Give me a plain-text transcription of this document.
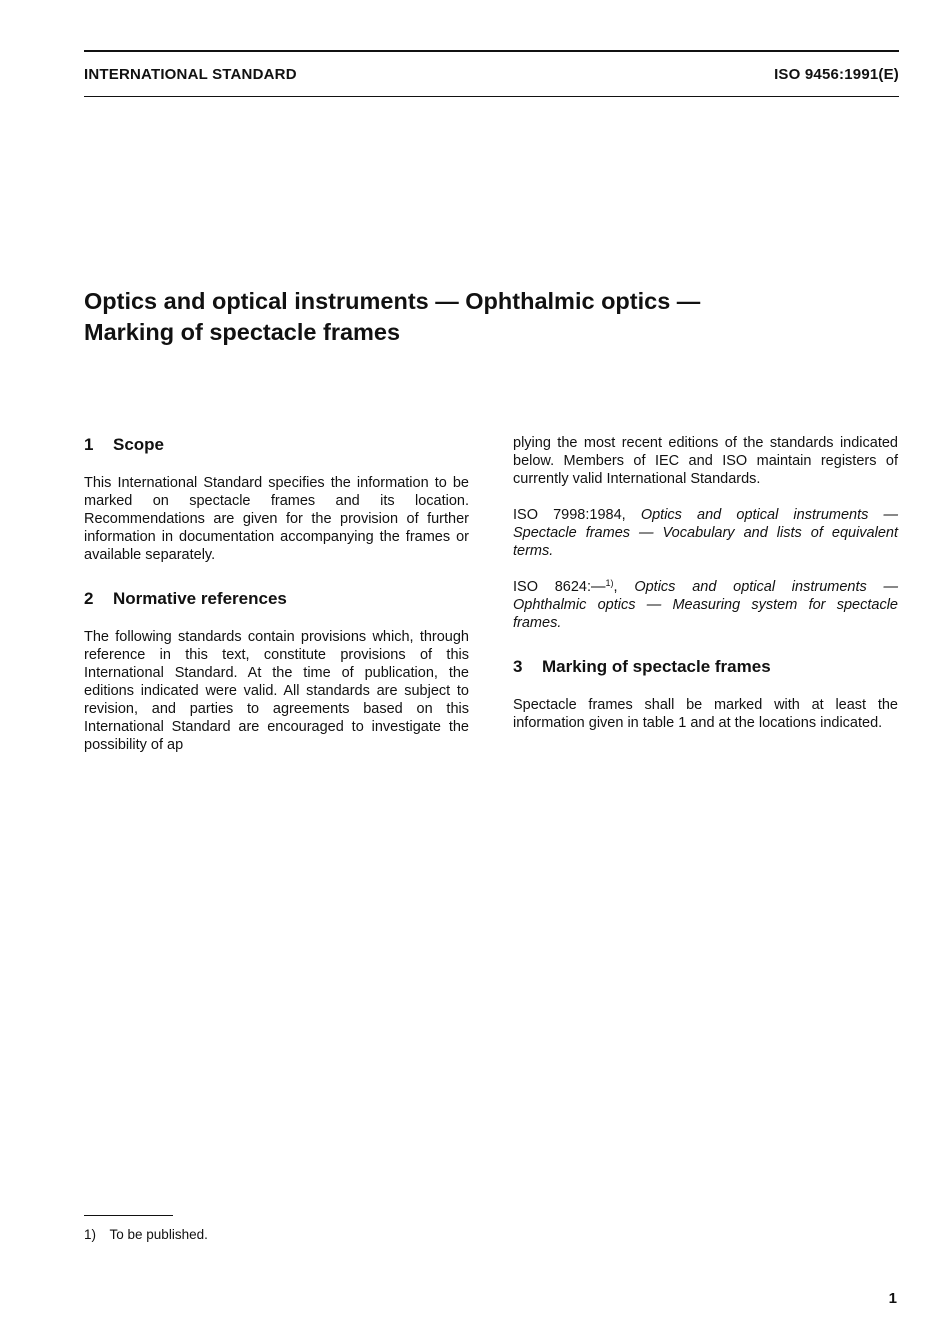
INTERNATIONAL STANDARD	ISO 9456:1991(E)
Optics and optical instruments — Ophthalmic optics —
Marking of spectacle frames
1	Scope

This International Standard specifies the information to be marked on spectacle frames and its location. Recommendations are given for the provision of further information in documentation accompanying the frames or available separately.

2	Normative references

The following standards contain provisions which, through reference in this text, constitute provisions of this International Standard. At the time of publication, the editions indicated were valid. All standards are subject to revision, and parties to agreements based on this International Standard are encouraged to investigate the possibility of ap

plying the most recent editions of the standards indicated below. Members of IEC and ISO maintain registers of currently valid International Standards.

ISO 7998:1984, Optics and optical instruments — Spectacle frames — Vocabulary and lists of equivalent terms.

ISO 8624:—$^{1)}$, Optics and optical instruments — Ophthalmic optics — Measuring system for spectacle frames.

3	Marking of spectacle frames

Spectacle frames shall be marked with at least the information given in table 1 and at the locations indicated.

1) To be published.
1
